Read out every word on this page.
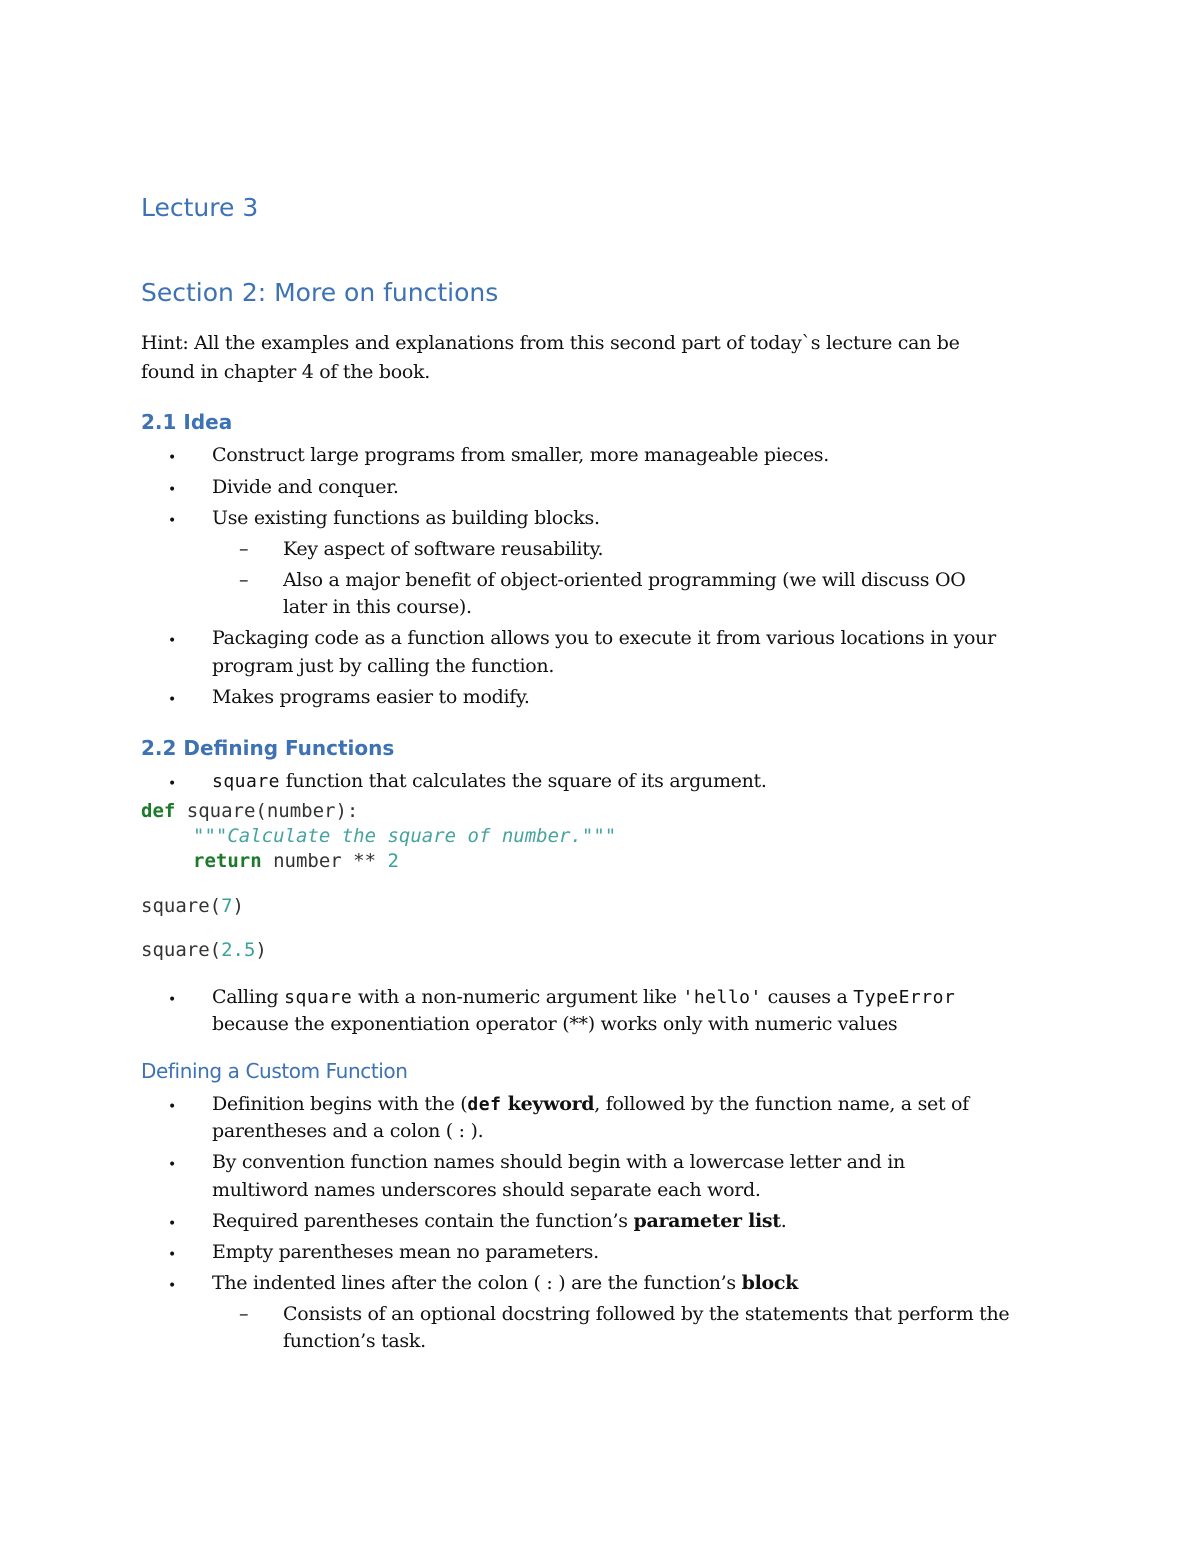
Lecture 3
Section 2: More on functions
Hint: All the examples and explanations from this second part of today`s lecture can be
found in chapter 4 of the book.
2.1 Idea
• Construct large programs from smaller, more manageable pieces.
• Divide and conquer.
• Use existing functions as building blocks.
– Key aspect of software reusability.
– Also a major benefit of object-oriented programming (we will discuss OO
later in this course).
• Packaging code as a function allows you to execute it from various locations in your
program just by calling the function.
• Makes programs easier to modify.
2.2 Defining Functions
• square function that calculates the square of its argument.
def square(number):
"""Calculate the square of number."""
return number ** 2
square(7)
square(2.5)
• Calling square with a non-numeric argument like 'hello' causes a TypeError
because the exponentiation operator (**) works only with numeric values
Defining a Custom Function
• Definition begins with the (def keyword, followed by the function name, a set of
parentheses and a colon ( : ).
• By convention function names should begin with a lowercase letter and in
multiword names underscores should separate each word.
• Required parentheses contain the function’s parameter list.
• Empty parentheses mean no parameters.
• The indented lines after the colon ( : ) are the function’s block
– Consists of an optional docstring followed by the statements that perform the
function’s task.
